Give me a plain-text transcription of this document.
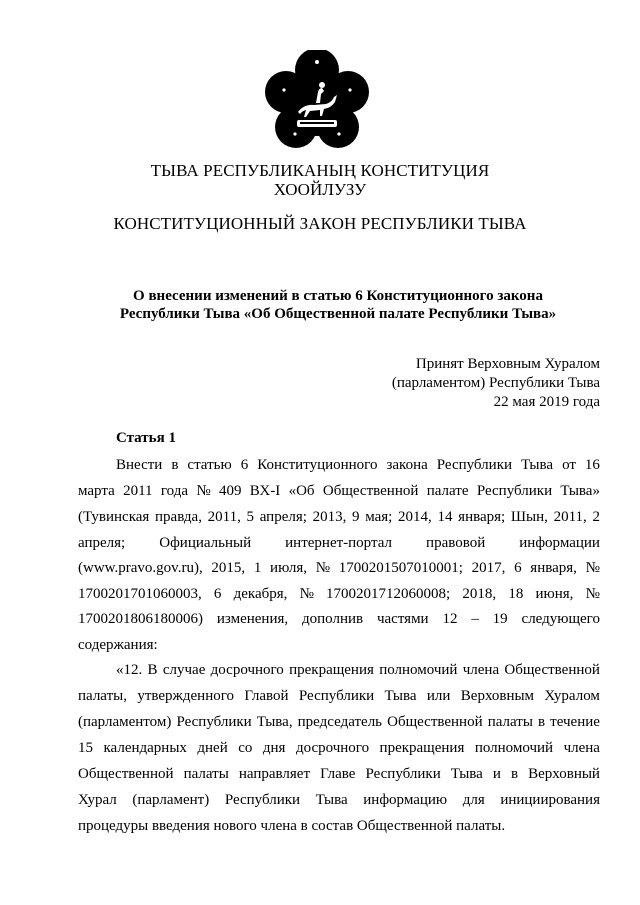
ТЫВА РЕСПУБЛИКАНЫҢ КОНСТИТУЦИЯ
ХООЙЛУЗУ
КОНСТИТУЦИОННЫЙ ЗАКОН РЕСПУБЛИКИ ТЫВА
О внесении изменений в статью 6 Конституционного закона
Республики Тыва «Об Общественной палате Республики Тыва»
Принят Верховным Хуралом
(парламентом) Республики Тыва
22 мая 2019 года
Статья 1
Внести в статью 6 Конституционного закона Республики Тыва от 16
марта 2011 года № 409 ВХ-I «Об Общественной палате Республики Тыва»
(Тувинская правда, 2011, 5 апреля; 2013, 9 мая; 2014, 14 января; Шын, 2011, 2
апреля; Официальный интернет-портал правовой информации
(www.pravo.gov.ru), 2015, 1 июля, № 1700201507010001; 2017, 6 января, №
1700201701060003, 6 декабря, № 1700201712060008; 2018, 18 июня, №
1700201806180006) изменения, дополнив частями 12 – 19 следующего
содержания:
«12. В случае досрочного прекращения полномочий члена Общественной
палаты, утвержденного Главой Республики Тыва или Верховным Хуралом
(парламентом) Республики Тыва, председатель Общественной палаты в течение
15 календарных дней со дня досрочного прекращения полномочий члена
Общественной палаты направляет Главе Республики Тыва и в Верховный
Хурал (парламент) Республики Тыва информацию для инициирования
процедуры введения нового члена в состав Общественной палаты.
